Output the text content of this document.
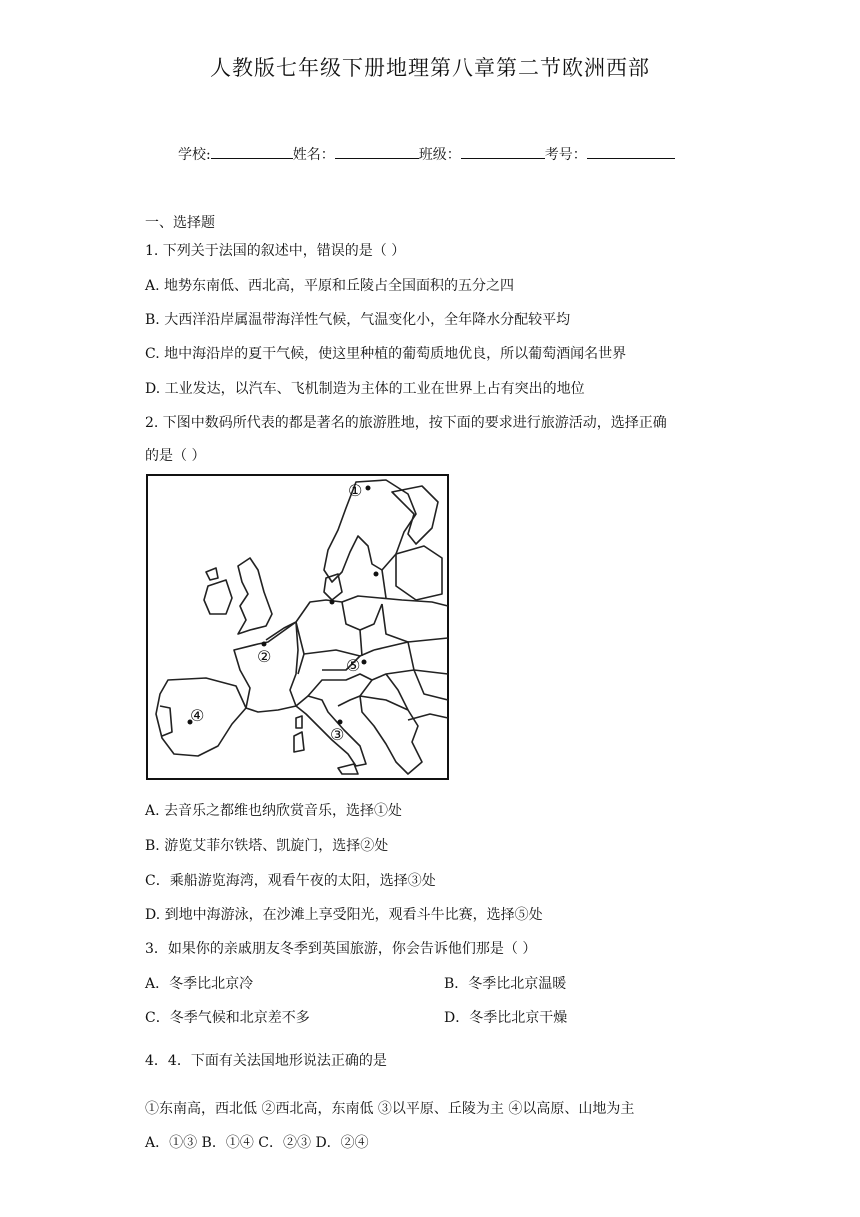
人教版七年级下册地理第八章第二节欧洲西部
学校:	姓名：	班级：	考号：
一、选择题
1. 下列关于法国的叙述中，错误的是（ ）
A. 地势东南低、西北高，平原和丘陵占全国面积的五分之四
B. 大西洋沿岸属温带海洋性气候，气温变化小，全年降水分配较平均
C. 地中海沿岸的夏干气候，使这里种植的葡萄质地优良，所以葡萄酒闻名世界
D. 工业发达，以汽车、飞机制造为主体的工业在世界上占有突出的地位
2. 下图中数码所代表的都是著名的旅游胜地，按下面的要求进行旅游活动，选择正确
的是（ ）
①
②	⑤
④
③
A. 去音乐之都维也纳欣赏音乐，选择①处
B. 游览艾菲尔铁塔、凯旋门，选择②处
C．乘船游览海湾，观看午夜的太阳，选择③处
D. 到地中海游泳，在沙滩上享受阳光，观看斗牛比赛，选择⑤处
3．如果你的亲戚朋友冬季到英国旅游，你会告诉他们那是（ ）
A．冬季比北京冷	B．冬季比北京温暖
C．冬季气候和北京差不多	D．冬季比北京干燥
4．4．下面有关法国地形说法正确的是
①东南高，西北低 ②西北高，东南低 ③以平原、丘陵为主 ④以高原、山地为主
A．①③ B．①④ C．②③ D．②④
